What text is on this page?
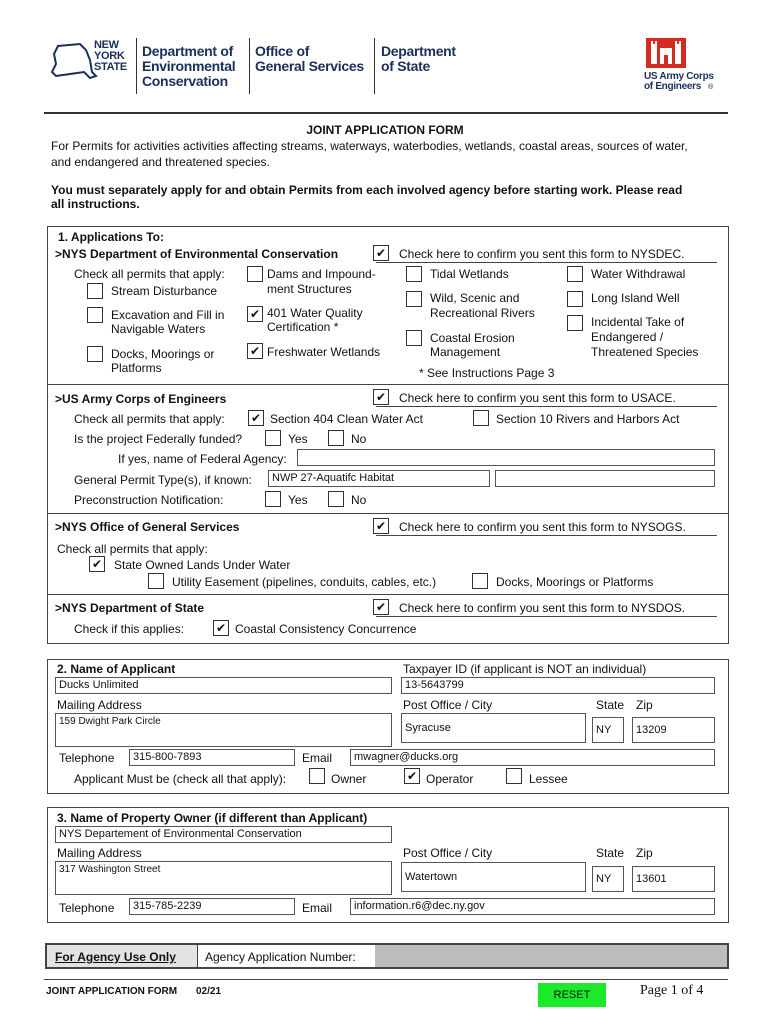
NEW
YORK
STATE
Department of
Environmental
Conservation
Office of
General Services
Department
of State
US Army Corps
of Engineers ®
JOINT APPLICATION FORM
For Permits for activities activities affecting streams, waterways, waterbodies, wetlands, coastal areas, sources of water,
and endangered and threatened species.
You must separately apply for and obtain Permits from each involved agency before starting work. Please read
all instructions.
1. Applications To:
>NYS Department of Environmental Conservation ✔	Check here to confirm you sent this form to NYSDEC.
Check all permits that apply:
Stream Disturbance
Excavation and Fill in
Navigable Waters
Docks, Moorings or
Platforms
Dams and Impound-
ment Structures
✔
401 Water Quality
Certification *
✔
Freshwater Wetlands
Tidal Wetlands
Wild, Scenic and
Recreational Rivers
Coastal Erosion
Management
Water Withdrawal
Long Island Well
Incidental Take of
Endangered /
Threatened Species
* See Instructions Page 3
>US Army Corps of Engineers ✔	Check here to confirm you sent this form to USACE.
Check all permits that apply: ✔	Section 404 Clean Water Act	Section 10 Rivers and Harbors Act
Is the project Federally funded?	Yes	No
If yes, name of Federal Agency:
General Permit Type(s), if known:	NWP 27-Aquatifc Habitat
Preconstruction Notification:	Yes	No
>NYS Office of General Services ✔	Check here to confirm you sent this form to NYSOGS.
Check all permits that apply:
✔
State Owned Lands Under Water
Utility Easement (pipelines, conduits, cables, etc.)	Docks, Moorings or Platforms
>NYS Department of State ✔	Check here to confirm you sent this form to NYSDOS.
Check if this applies: ✔	Coastal Consistency Concurrence
2. Name of Applicant
Ducks Unlimited
Taxpayer ID (if applicant is NOT an individual)
13-5643799
Mailing Address
159 Dwight Park Circle
Post Office / City
Syracuse
State Zip
NY	13209
Telephone	315-800-7893	Email	mwagner@ducks.org
Applicant Must be (check all that apply):	Owner ✔	Operator	Lessee
3. Name of Property Owner (if different than Applicant)
NYS Departement of Environmental Conservation
Mailing Address
317 Washington Street
Post Office / City
Watertown
State Zip
NY	13601
Telephone	315-785-2239	Email	information.r6@dec.ny.gov
For Agency Use Only Agency Application Number:
JOINT APPLICATION FORM 02/21	RESET	Page 1 of 4
